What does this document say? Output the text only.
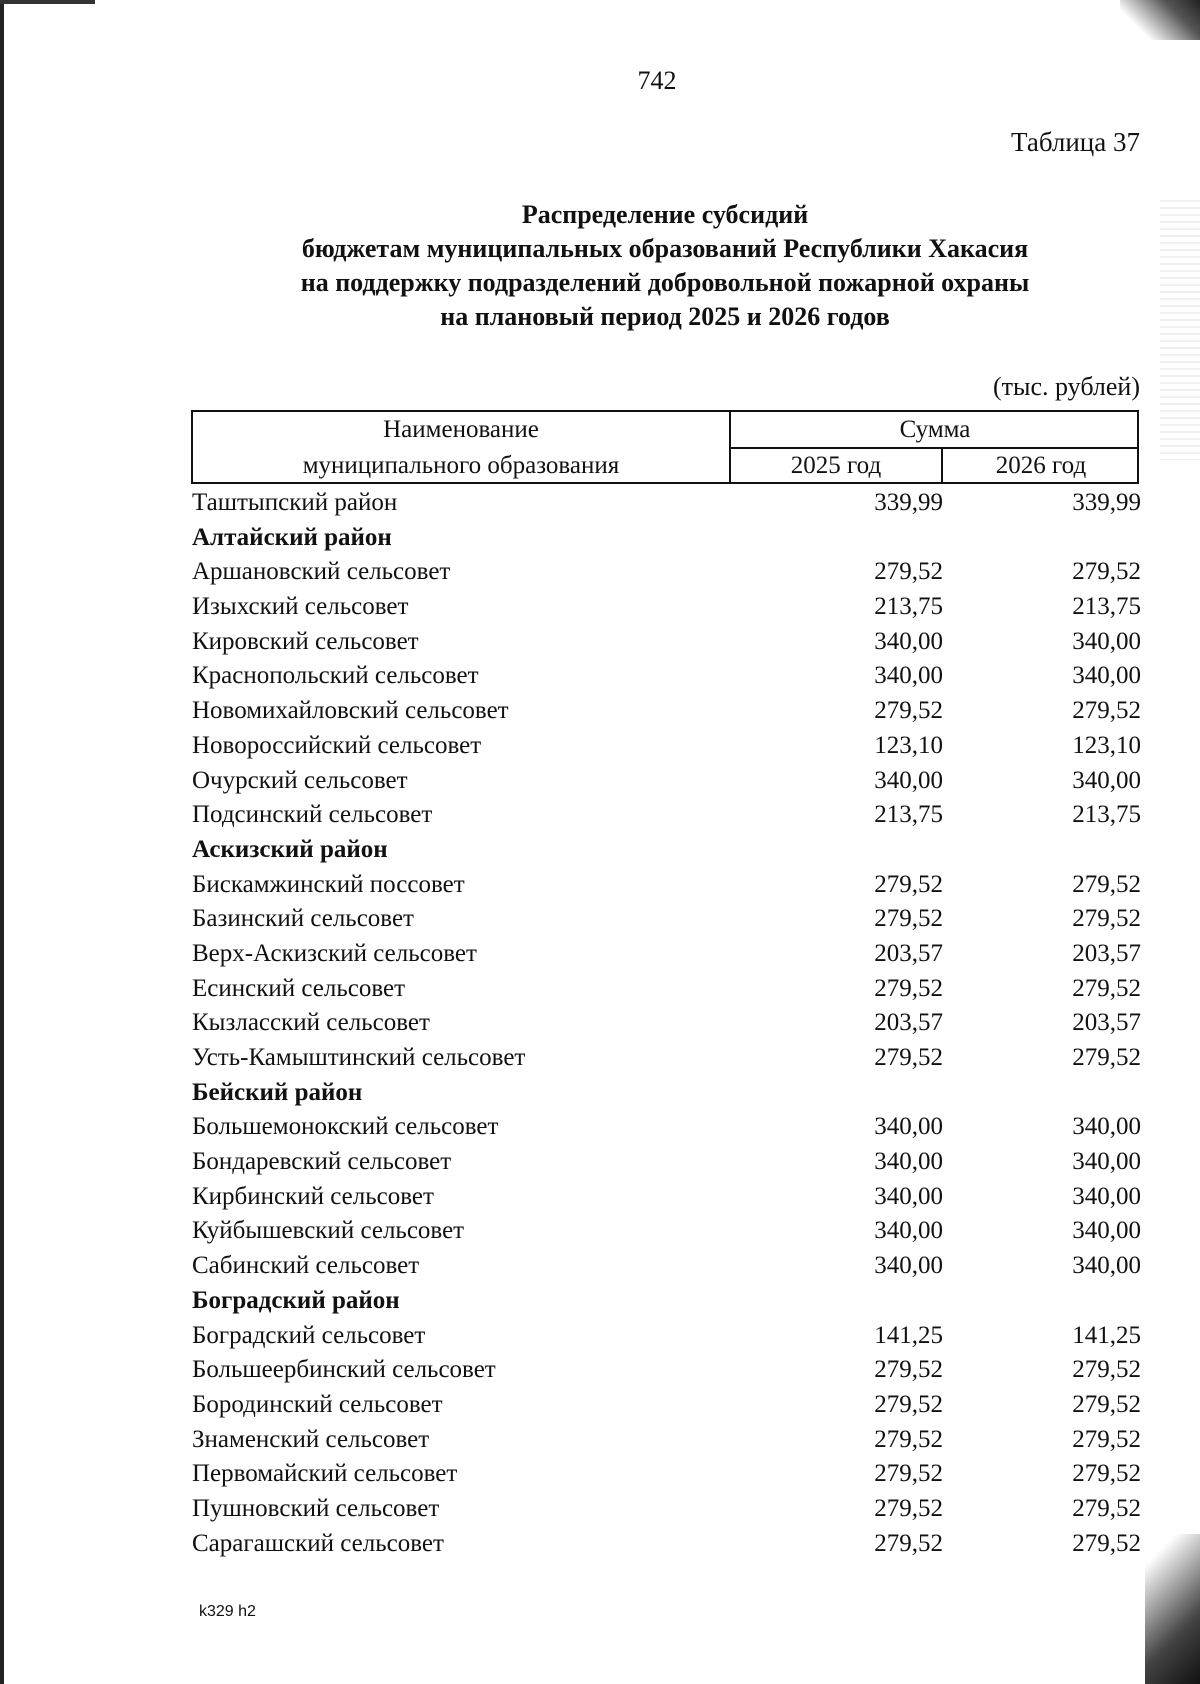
742
Таблица 37
Распределение субсидий
бюджетам муниципальных образований Республики Хакасия
на поддержку подразделений добровольной пожарной охраны
на плановый период 2025 и 2026 годов
(тыс. рублей)
Наименование
муниципального образования
Сумма
2025 год	2026 год
Таштыпский район	339,99	339,99
Алтайский район
Аршановский сельсовет	279,52	279,52
Изыхский сельсовет	213,75	213,75
Кировский сельсовет	340,00	340,00
Краснопольский сельсовет	340,00	340,00
Новомихайловский сельсовет	279,52	279,52
Новороссийский сельсовет	123,10	123,10
Очурский сельсовет	340,00	340,00
Подсинский сельсовет	213,75	213,75
Аскизский район
Бискамжинский поссовет	279,52	279,52
Базинский сельсовет	279,52	279,52
Верх-Аскизский сельсовет	203,57	203,57
Есинский сельсовет	279,52	279,52
Кызласский сельсовет	203,57	203,57
Усть-Камыштинский сельсовет	279,52	279,52
Бейский район
Большемонокский сельсовет	340,00	340,00
Бондаревский сельсовет	340,00	340,00
Кирбинский сельсовет	340,00	340,00
Куйбышевский сельсовет	340,00	340,00
Сабинский сельсовет	340,00	340,00
Боградский район
Боградский сельсовет	141,25	141,25
Большеербинский сельсовет	279,52	279,52
Бородинский сельсовет	279,52	279,52
Знаменский сельсовет	279,52	279,52
Первомайский сельсовет	279,52	279,52
Пушновский сельсовет	279,52	279,52
Сарагашский сельсовет	279,52	279,52
k329 h2
